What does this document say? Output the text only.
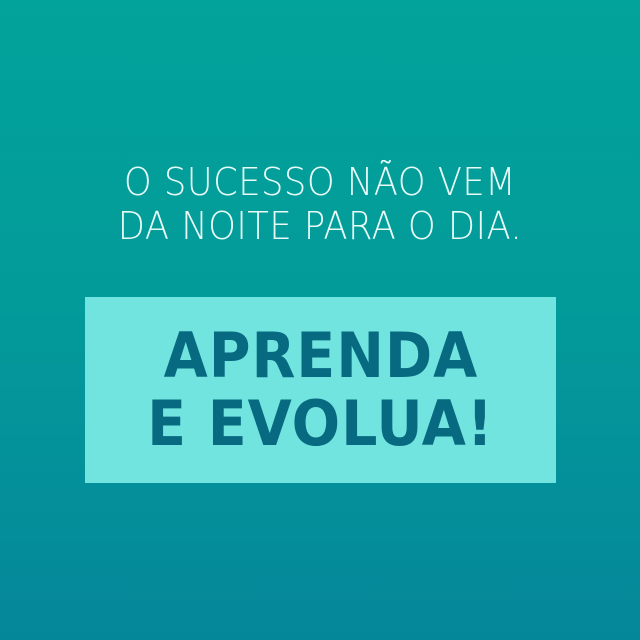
O SUCESSO NÃO VEM
DA NOITE PARA O DIA.
APRENDA
E EVOLUA!
